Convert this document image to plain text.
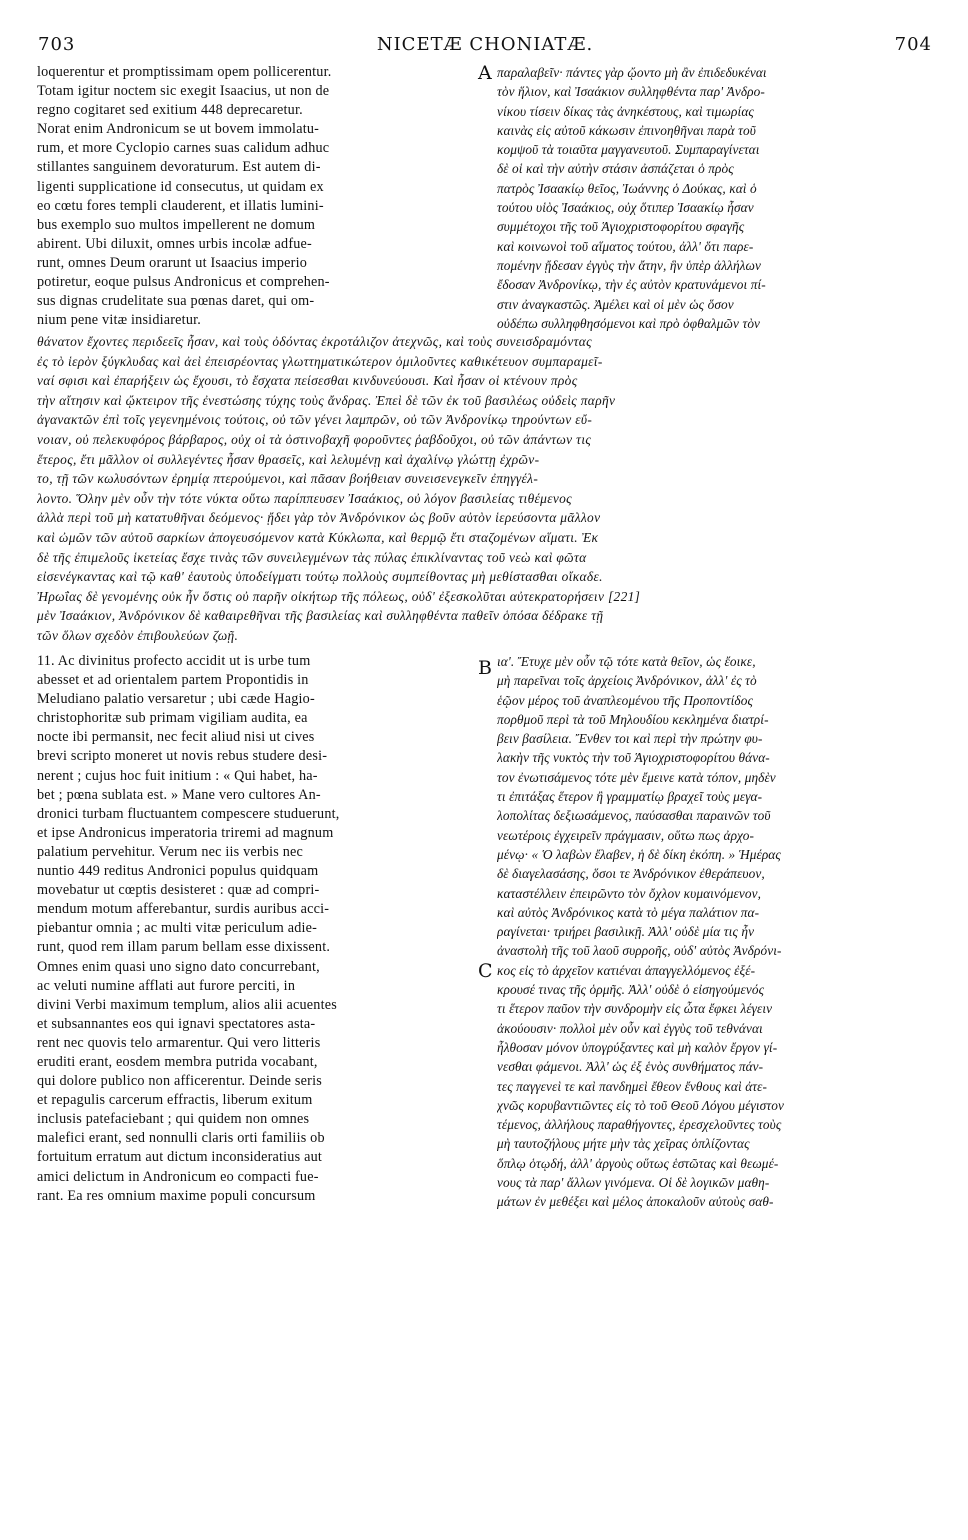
703	NICETÆ CHONIATÆ.	704
loquerentur et promptissimam opem pollicerentur.
Totam igitur noctem sic exegit Isaacius, ut non de
regno cogitaret sed exitium 448 deprecaretur.
Norat enim Andronicum se ut bovem immolatu-
rum, et more Cyclopio carnes suas calidum adhuc
stillantes sanguinem devoraturum. Est autem di-
ligenti supplicatione id consecutus, ut quidam ex
eo cœtu fores templi clauderent, et illatis lumini-
bus exemplo suo multos impellerent ne domum
abirent. Ubi diluxit, omnes urbis incolæ adfue-
runt, omnes Deum orarunt ut Isaacius imperio
potiretur, eoque pulsus Andronicus et comprehen-
sus dignas crudelitate sua pœnas daret, qui om-
nium pene vitæ insidiaretur.
A παραλαβεῖν· πάντες γὰρ ᾤοντο μὴ ἂν ἐπιδεδυκέναι
τὸν ἥλιον, καὶ Ἰσαάκιον συλληφθέντα παρ' Ἀνδρο-
νίκου τίσειν δίκας τὰς ἀνηκέστους, καὶ τιμωρίας
καινὰς εἰς αὐτοῦ κάκωσιν ἐπινοηθῆναι παρὰ τοῦ
κομψοῦ τὰ τοιαῦτα μαγγανευτοῦ. Συμπαραγίνεται
δὲ οἱ καὶ τὴν αὐτὴν στάσιν ἀσπάζεται ὁ πρὸς
πατρὸς Ἰσαακίῳ θεῖος, Ἰωάννης ὁ Δούκας, καὶ ὁ
τούτου υἱὸς Ἰσαάκιος, οὐχ ὅτιπερ Ἰσαακίῳ ἦσαν
συμμέτοχοι τῆς τοῦ Ἁγιοχριστοφορίτου σφαγῆς
καὶ κοινωνοὶ τοῦ αἵματος τούτου, ἀλλ' ὅτι παρε-
πομένην ᾔδεσαν ἐγγὺς τὴν ἄτην, ἣν ὑπὲρ ἀλλήλων
ἔδοσαν Ἀνδρονίκῳ, τὴν ἐς αὐτὸν κρατυνάμενοι πί-
στιν ἀναγκαστῶς. Ἀμέλει καὶ οἱ μὲν ὡς ὅσον
οὐδέπω συλληφθησόμενοι καὶ πρὸ ὀφθαλμῶν τὸν
θάνατον ἔχοντες περιδεεῖς ἦσαν, καὶ τοὺς ὀδόντας ἐκροτάλιζον ἀτεχνῶς, καὶ τοὺς συνεισδραμόντας
ἐς τὸ ἱερὸν ξύγκλυδας καὶ ἀεὶ ἐπεισρέοντας γλωττηματικώτερον ὁμιλοῦντες καθικέτευον συμπαραμεῖ-
ναί σφισι καὶ ἐπαρήξειν ὡς ἔχουσι, τὸ ἔσχατα πείσεσθαι κινδυνεύουσι. Καὶ ἦσαν οἱ κτένουν πρὸς
τὴν αἴτησιν καὶ ᾤκτειρον τῆς ἐνεστώσης τύχης τοὺς ἄνδρας. Ἐπεὶ δὲ τῶν ἐκ τοῦ βασιλέως οὐδεὶς παρῆν
ἀγανακτῶν ἐπὶ τοῖς γεγενημένοις τούτοις, οὐ τῶν γένει λαμπρῶν, οὐ τῶν Ἀνδρονίκῳ τηρούντων εὔ-
νοιαν, οὐ πελεκυφόρος βάρβαρος, οὐχ οἱ τὰ ὀστινοβαχῆ φοροῦντες ῥαβδοῦχοι, οὐ τῶν ἁπάντων τις
ἕτερος, ἔτι μᾶλλον οἱ συλλεγέντες ἦσαν θρασεῖς, καὶ λελυμένῃ καὶ ἀχαλίνῳ γλώττῃ ἐχρῶν-
το, τῇ τῶν κωλυσόντων ἐρημίᾳ πτερούμενοι, καὶ πᾶσαν βοήθειαν συνεισενεγκεῖν ἐπηγγέλ-
λοντο. Ὅλην μὲν οὖν τὴν τότε νύκτα οὕτω παρίππευσεν Ἰσαάκιος, οὐ λόγον βασιλείας τιθέμενος
ἀλλὰ περὶ τοῦ μὴ κατατυθῆναι δεόμενος· ᾔδει γὰρ τὸν Ἀνδρόνικον ὡς βοῦν αὐτὸν ἱερεύσοντα μᾶλλον
καὶ ὠμῶν τῶν αὐτοῦ σαρκίων ἀπογευσόμενον κατὰ Κύκλωπα, καὶ θερμῷ ἔτι σταζομένων αἵματι. Ἐκ
δὲ τῆς ἐπιμελοῦς ἱκετείας ἔσχε τινὰς τῶν συνειλεγμένων τὰς πύλας ἐπικλίναντας τοῦ νεὼ καὶ φῶτα
εἰσενέγκαντας καὶ τῷ καθ' ἑαυτοὺς ὑποδείγματι τούτῳ πολλοὺς συμπείθοντας μὴ μεθίστασθαι οἴκαδε.
Ἠρωΐας δὲ γενομένης οὐκ ἦν ὅστις οὐ παρῆν οἰκήτωρ τῆς πόλεως, οὐδ' ἐξεσκολῦται αὐτεκρατορήσειν [221]
μὲν Ἰσαάκιον, Ἀνδρόνικον δὲ καθαιρεθῆναι τῆς βασιλείας καὶ συλληφθέντα παθεῖν ὁπόσα δέδρακε τῇ
τῶν ὅλων σχεδὸν ἐπιβουλεύων ζωῇ.
11. Ac divinitus profecto accidit ut is urbe tum
abesset et ad orientalem partem Propontidis in
Meludiano palatio versaretur ; ubi cæde Hagio-
christophoritæ sub primam vigiliam audita, ea
nocte ibi permansit, nec fecit aliud nisi ut cives
brevi scripto moneret ut novis rebus studere desi-
nerent ; cujus hoc fuit initium : « Qui habet, ha-
bet ; pœna sublata est. » Mane vero cultores An-
dronici turbam fluctuantem compescere studuerunt,
et ipse Andronicus imperatoria triremi ad magnum
palatium pervehitur. Verum nec iis verbis nec
nuntio 449 reditus Andronici populus quidquam
movebatur ut cœptis desisteret : quæ ad compri-
mendum motum afferebantur, surdis auribus acci-
piebantur omnia ; ac multi vitæ periculum adie-
runt, quod rem illam parum bellam esse dixissent.
Omnes enim quasi uno signo dato concurrebant,
ac veluti numine afflati aut furore perciti, in
divini Verbi maximum templum, alios alii acuentes
et subsannantes eos qui ignavi spectatores asta-
rent nec quovis telo armarentur. Qui vero litteris
eruditi erant, eosdem membra putrida vocabant,
qui dolore publico non afficerentur. Deinde seris
et repagulis carcerum effractis, liberum exitum
inclusis patefaciebant ; qui quidem non omnes
malefici erant, sed nonnulli claris orti familiis ob
fortuitum erratum aut dictum inconsideratius aut
amici delictum in Andronicum eo compacti fue-
rant. Ea res omnium maxime populi concursum
B
C
ια'. Ἔτυχε μὲν οὖν τῷ τότε κατὰ θεῖον, ὡς ἔοικε,
μὴ παρεῖναι τοῖς ἀρχείοις Ἀνδρόνικον, ἀλλ' ἐς τὸ
ἑῷον μέρος τοῦ ἀναπλεομένου τῆς Προποντίδος
πορθμοῦ περὶ τὰ τοῦ Μηλουδίου κεκλημένα διατρί-
βειν βασίλεια. Ἔνθεν τοι καὶ περὶ τὴν πρώτην φυ-
λακὴν τῆς νυκτὸς τὴν τοῦ Ἁγιοχριστοφορίτου θάνα-
τον ἐνωτισάμενος τότε μὲν ἔμεινε κατὰ τόπον, μηδὲν
τι ἐπιτάξας ἕτερον ἢ γραμματίῳ βραχεῖ τοὺς μεγα-
λοπολίτας δεξιωσάμενος, παύσασθαι παραινῶν τοῦ
νεωτέροις ἐγχειρεῖν πράγμασιν, οὕτω πως ἀρχο-
μένῳ· « Ὁ λαβὼν ἔλαβεν, ἡ δὲ δίκη ἐκόπη. » Ἡμέρας
δὲ διαγελασάσης, ὅσοι τε Ἀνδρόνικον ἐθεράπευον,
καταστέλλειν ἐπειρῶντο τὸν ὄχλον κυμαινόμενον,
καὶ αὐτὸς Ἀνδρόνικος κατὰ τὸ μέγα παλάτιον πα-
ραγίνεται· τριήρει βασιλικῇ. Ἀλλ' οὐδὲ μία τις ἦν
ἀναστολὴ τῆς τοῦ λαοῦ συρροῆς, οὐδ' αὐτὸς Ἀνδρόνι-
κος εἰς τὸ ἀρχεῖον κατιέναι ἀπαγγελλόμενος ἐξέ-
κρουσέ τινας τῆς ὁρμῆς. Ἀλλ' οὐδὲ ὁ εἰσηγούμενός
τι ἕτερον παῦον τὴν συνδρομὴν εἰς ὦτα ἔφκει λέγειν
ἀκούουσιν· πολλοὶ μὲν οὖν καὶ ἐγγὺς τοῦ τεθνάναι
ἦλθοσαν μόνον ὑπογρύξαντες καὶ μὴ καλὸν ἔργον γί-
νεσθαι φάμενοι. Ἀλλ' ὡς ἐξ ἑνὸς συνθήματος πάν-
τες παγγενεὶ τε καὶ πανδημεὶ ἔθεον ἔνθους καὶ ἀτε-
χνῶς κορυβαντιῶντες εἰς τὸ τοῦ Θεοῦ Λόγου μέγιστον
τέμενος, ἀλλήλους παραθήγοντες, ἐρεσχελοῦντες τοὺς
μὴ ταυτοζήλους μήτε μὴν τὰς χεῖρας ὁπλίζοντας
ὅπλῳ ὁτῳδή, ἀλλ' ἀργοὺς οὕτως ἑστῶτας καὶ θεωμέ-
νους τὰ παρ' ἄλλων γινόμενα. Οἱ δὲ λογικῶν μαθη-
μάτων ἐν μεθέξει καὶ μέλος ἀποκαλοῦν αὐτοὺς σαθ-
